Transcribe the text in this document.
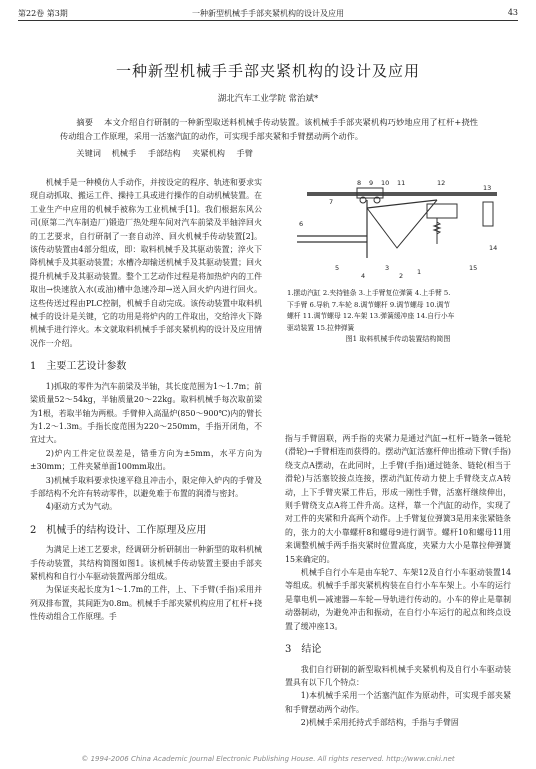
第22卷 第3期	一种新型机械手手部夹紧机构的设计及应用	43
一种新型机械手手部夹紧机构的设计及应用
湖北汽车工业学院 常治斌*
摘要 本文介绍自行研制的一种新型取送料机械手传动装置。该机械手手部夹紧机构巧妙地应用了杠杆+挠性传动组合工作原理，采用一活塞汽缸的动作，可实现手部夹紧和手臂摆动两个动作。
关键词 机械手 手部结构 夹紧机构 手臂

机械手是一种模仿人手动作，并按设定的程序、轨迹和要求实现自动抓取、搬运工件、操持工具或进行操作的自动机械装置。在工业生产中应用的机械手被称为工业机械手[1]。我们根据东风公司(原第二汽车制造厂)锻造厂热处理车间对汽车前梁及半轴淬回火的工艺要求，自行研制了一套自动淬、回火机械手传动装置[2]。该传动装置由4部分组成，即：取料机械手及其驱动装置；淬火下降机械手及其驱动装置；水槽冷却输送机械手及其驱动装置；回火提升机械手及其驱动装置。整个工艺动作过程是将加热炉内的工件取出→快速放入水(或油)槽中急速冷却→送入回火炉内进行回火。这些传送过程由PLC控制，机械手自动完成。该传动装置中取料机械手的设计是关键，它的功用是将炉内的工件取出，交给淬火下降机械手进行淬火。本文就取料机械手手部夹紧机构的设计及应用情况作一介绍。

1 主要工艺设计参数

1)抓取的零件为汽车前梁及半轴，其长度范围为1～1.7m；前梁质量52～54kg，半轴质量20～22kg。取料机械手每次取前梁为1根，若取半轴为两根。手臂伸入高温炉(850～900℃)内的臂长为1.2～1.3m。手指长度范围为220～250mm，手指开闭角，不宜过大。

2)炉内工件定位误差是，错垂方向为±5mm，水平方向为±30mm；工件夹紧单面100mm取出。

3)机械手取料要求快速平稳且冲击小，限定伸入炉内的手臂及手部结构不允许有转动零件，以避免难于布置的润滑与密封。

4)驱动方式为气动。

2 机械手的结构设计、工作原理及应用

为满足上述工艺要求，经调研分析研制出一种新型的取料机械手传动装置，其结构简图如图1。该机械手传动装置主要由手部夹紧机构和自行小车驱动装置两部分组成。

为保证夹起长度为1～1.7m的工件，上、下手臂(手指)采用并列双排布置，其间距为0.8m。机械手手部夹紧机构应用了杠杆+挠性传动组合工作原理。手

8 9 10 11	12
13
7
6
5
4
3
2 1
14
15
1.摆动汽缸 2.夹持链条 3.上手臂复位弹簧 4.上手臂 5.
下手臂 6.导轨 7.车轮 8.调节螺杆 9.调节螺母 10.调节
螺杆 11.调节螺母 12.车架 13.弹簧缓冲座 14.自行小车
驱动装置 15.拉伸弹簧
图1 取料机械手传动装置结构简图

指与手臂固联，两手指的夹紧力是通过汽缸→杠杆→链条→链轮(滑轮)→手臂相连而获得的。摆动汽缸活塞杆伸出推动下臂(手指)绕支点A摆动，在此同时，上手臂(手指)通过链条、链轮(相当于滑轮)与活塞铰接点连接，摆动汽缸传动力使上手臂绕支点A转动，上下手臂夹紧工件后，形成一刚性手臂，活塞杆继续伸出，则手臂绕支点A将工件升高。这样，靠一个汽缸的动作，实现了对工件的夹紧和升高两个动作。上手臂复位弹簧3是用来张紧链条的，张力的大小靠螺杆8和螺母9进行调节。螺杆10和螺母11用来调整机械手两手指夹紧时位置高度，夹紧力大小是靠拉伸弹簧15来确定的。

机械手自行小车是由车轮7、车架12及自行小车驱动装置14等组成。机械手手部夹紧机构装在自行小车车架上。小车的运行是靠电机—减速器—车轮—导轨进行传动的。小车的停止是靠制动器制动，为避免冲击和振动，在自行小车运行的起点和终点设置了缓冲座13。

3 结论

我们自行研制的新型取料机械手夹紧机构及自行小车驱动装置具有以下几个特点：

1)本机械手采用一个活塞汽缸作为原动件，可实现手部夹紧和手臂摆动两个动作。

2)机械手采用托持式手部结构，手指与手臂固

© 1994-2006 China Academic Journal Electronic Publishing House. All rights reserved. http://www.cnki.net
